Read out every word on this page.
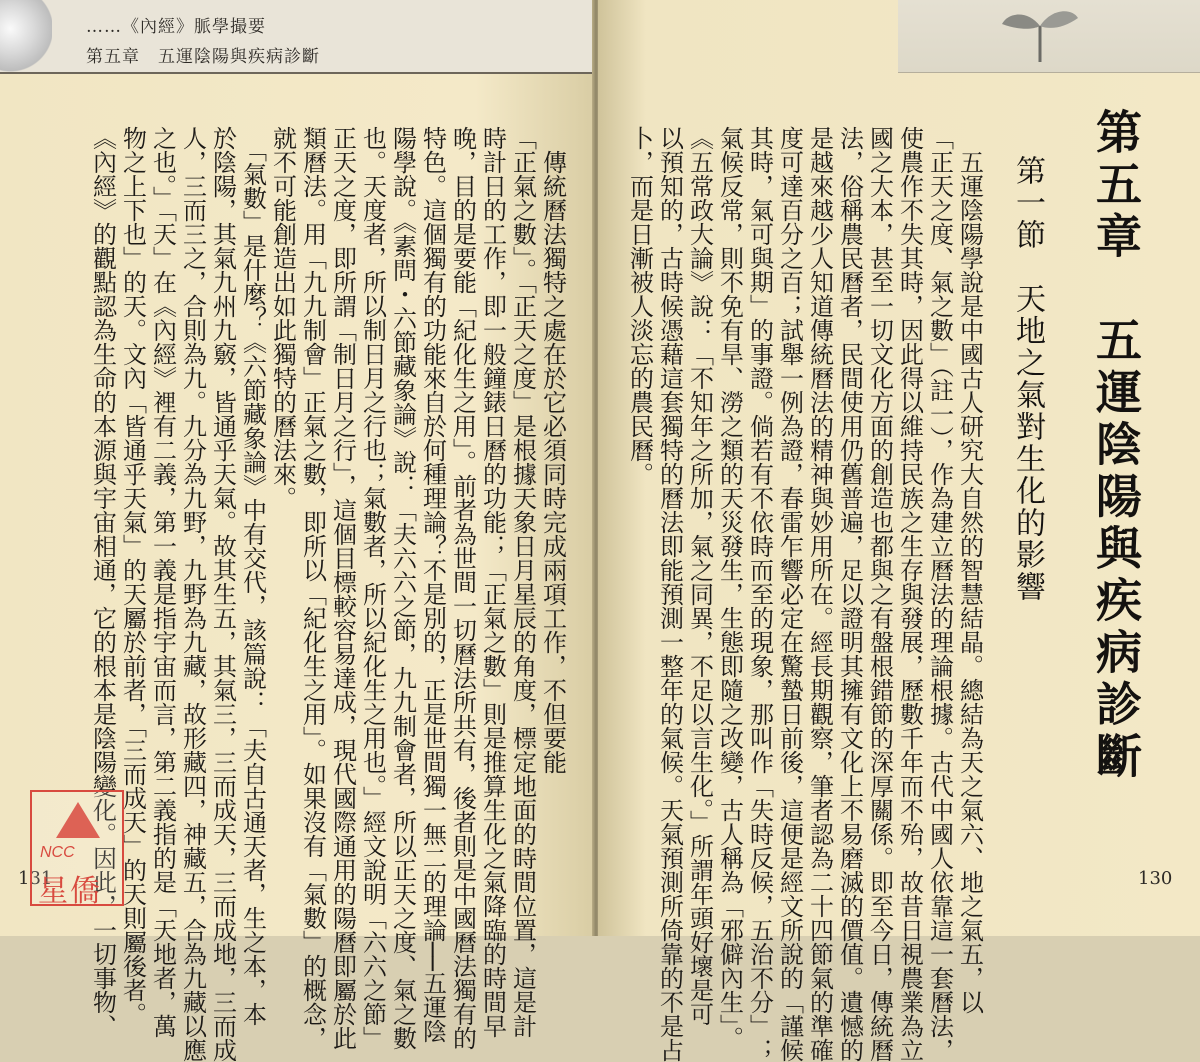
……《內經》脈學撮要
第五章　五運陰陽與疾病診斷
131	130
第五章　五運陰陽與疾病診斷
第一節　天地之氣對生化的影響
　五運陰陽學說是中國古人研究大自然的智慧結晶。總結為天之氣六、地之氣五，以
「正天之度、氣之數」（註一），作為建立曆法的理論根據。古代中國人依靠這一套曆法，
使農作不失其時，因此得以維持民族之生存與發展，歷數千年而不殆，故昔日視農業為立
國之大本，甚至一切文化方面的創造也都與之有盤根錯節的深厚關係。即至今日，傳統曆
法，俗稱農民曆者，民間使用仍舊普遍，足以證明其擁有文化上不易磨滅的價值。遺憾的
是越來越少人知道傳統曆法的精神與妙用所在。經長期觀察，筆者認為二十四節氣的準確
度可達百分之百；試舉一例為證，春雷乍響必定在驚蟄日前後，這便是經文所說的「謹候
其時，氣可與期」的事證。倘若有不依時而至的現象，那叫作「失時反候，五治不分」；
氣候反常，則不免有旱、澇之類的天災發生，生態即隨之改變，古人稱為「邪僻內生」。
《五常政大論》說：「不知年之所加，氣之同異，不足以言生化。」所謂年頭好壞是可
以預知的，古時候憑藉這套獨特的曆法即能預測一整年的氣候。天氣預測所倚靠的不是占
卜，而是日漸被人淡忘的農民曆。
　傳統曆法獨特之處在於它必須同時完成兩項工作，不但要能
「正氣之數」。「正天之度」是根據天象日月星辰的角度，標定地面的時間位置，這是計
時計日的工作，即一般鐘錶日曆的功能；「正氣之數」則是推算生化之氣降臨的時間早
晚，目的是要能「紀化生之用」。前者為世間一切曆法所共有，後者則是中國曆法獨有的
特色。這個獨有的功能來自於何種理論？不是別的，正是世間獨一無二的理論──五運陰
陽學說。《素問・六節藏象論》說：「夫六六之節，九九制會者，所以正天之度、氣之數
也。天度者，所以制日月之行也；氣數者，所以紀化生之用也。」經文說明「六六之節」
正天之度，即所謂「制日月之行」，這個目標較容易達成，現代國際通用的陽曆即屬於此
類曆法。用「九九制會」正氣之數，即所以「紀化生之用」。如果沒有「氣數」的概念，
就不可能創造出如此獨特的曆法來。
　「氣數」是什麼？《六節藏象論》中有交代，該篇說：「夫自古通天者，生之本，本
於陰陽，其氣九州九竅，皆通乎天氣。故其生五，其氣三，三而成天，三而成地，三而成
人，三而三之，合則為九。九分為九野，九野為九藏，故形藏四，神藏五，合為九藏以應
之也。」「天」在《內經》裡有二義，第一義是指宇宙而言，第二義指的是「天地者，萬
物之上下也」的天。文內「皆通乎天氣」的天屬於前者，「三而成天」的天則屬後者。
《內經》的觀點認為生命的本源與宇宙相通，它的根本是陰陽變化。因此，一切事物、
NCC
星僑
